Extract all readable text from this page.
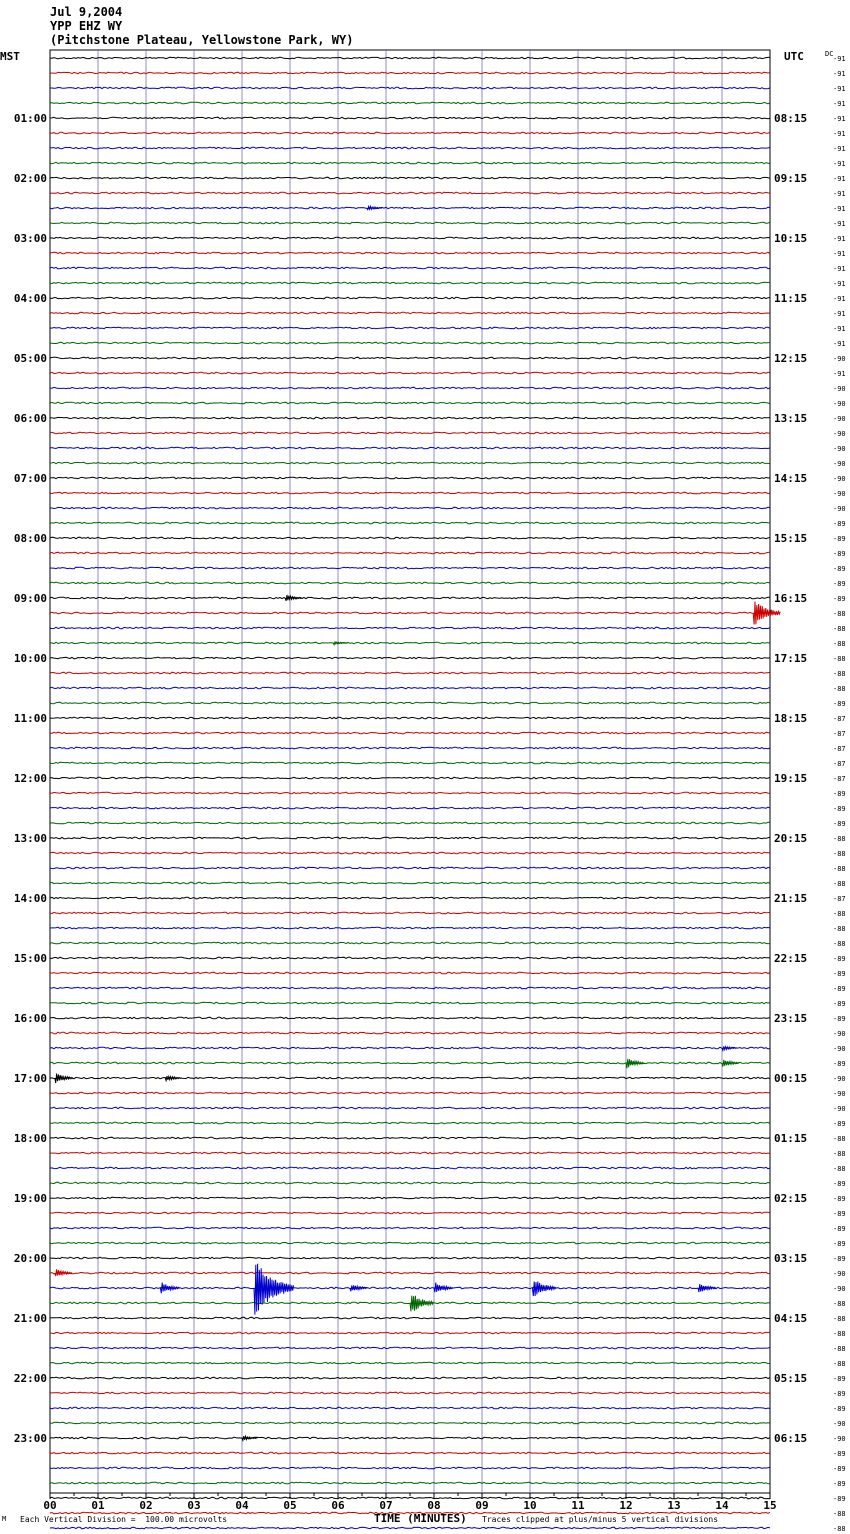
Jul 9,2004
YPP EHZ WY
(Pitchstone Plateau, Yellowstone Park, WY)
MST	UTC	DC
00	01	02	03	04	05	06	07	08	09	10	11	12	13	14	15
-91
-91
-91
-91
01:00	08:15	-91
-91
-91
-91
02:00	09:15	-91
-91
-91
-91
03:00	10:15	-91
-91
-91
-91
04:00	11:15	-91
-91
-91
-91
05:00	12:15	-90
-91
-90
-90
06:00	13:15	-90
-90
-90
-90
07:00	14:15	-90
-90
-90
-89
08:00	15:15	-89
-89
-89
-89
09:00	16:15	-89
-88
-88
-88
10:00	17:15	-88
-88
-88
-89
11:00	18:15	-87
-87
-87
-87
12:00	19:15	-87
-89
-89
-89
13:00	20:15	-88
-88
-88
-88
14:00	21:15	-87
-88
-88
-88
15:00	22:15	-89
-89
-89
-89
16:00	23:15	-89
-90
-90
-89
17:00	00:15	-90
-90
-90
-89
18:00	01:15	-88
-88
-88
-89
19:00	02:15	-89
-89
-89
-89
20:00	03:15	-89
-90
-90
-88
21:00	04:15	-88
-88
-88
-88
22:00	05:15	-89
-89
-89
-90
23:00	06:15	-90
-89
-89
-89
-89
-88
-88
TIME (MINUTES)
M Each Vertical Division =  100.00 microvolts	Traces clipped at plus/minus 5 vertical divisions
